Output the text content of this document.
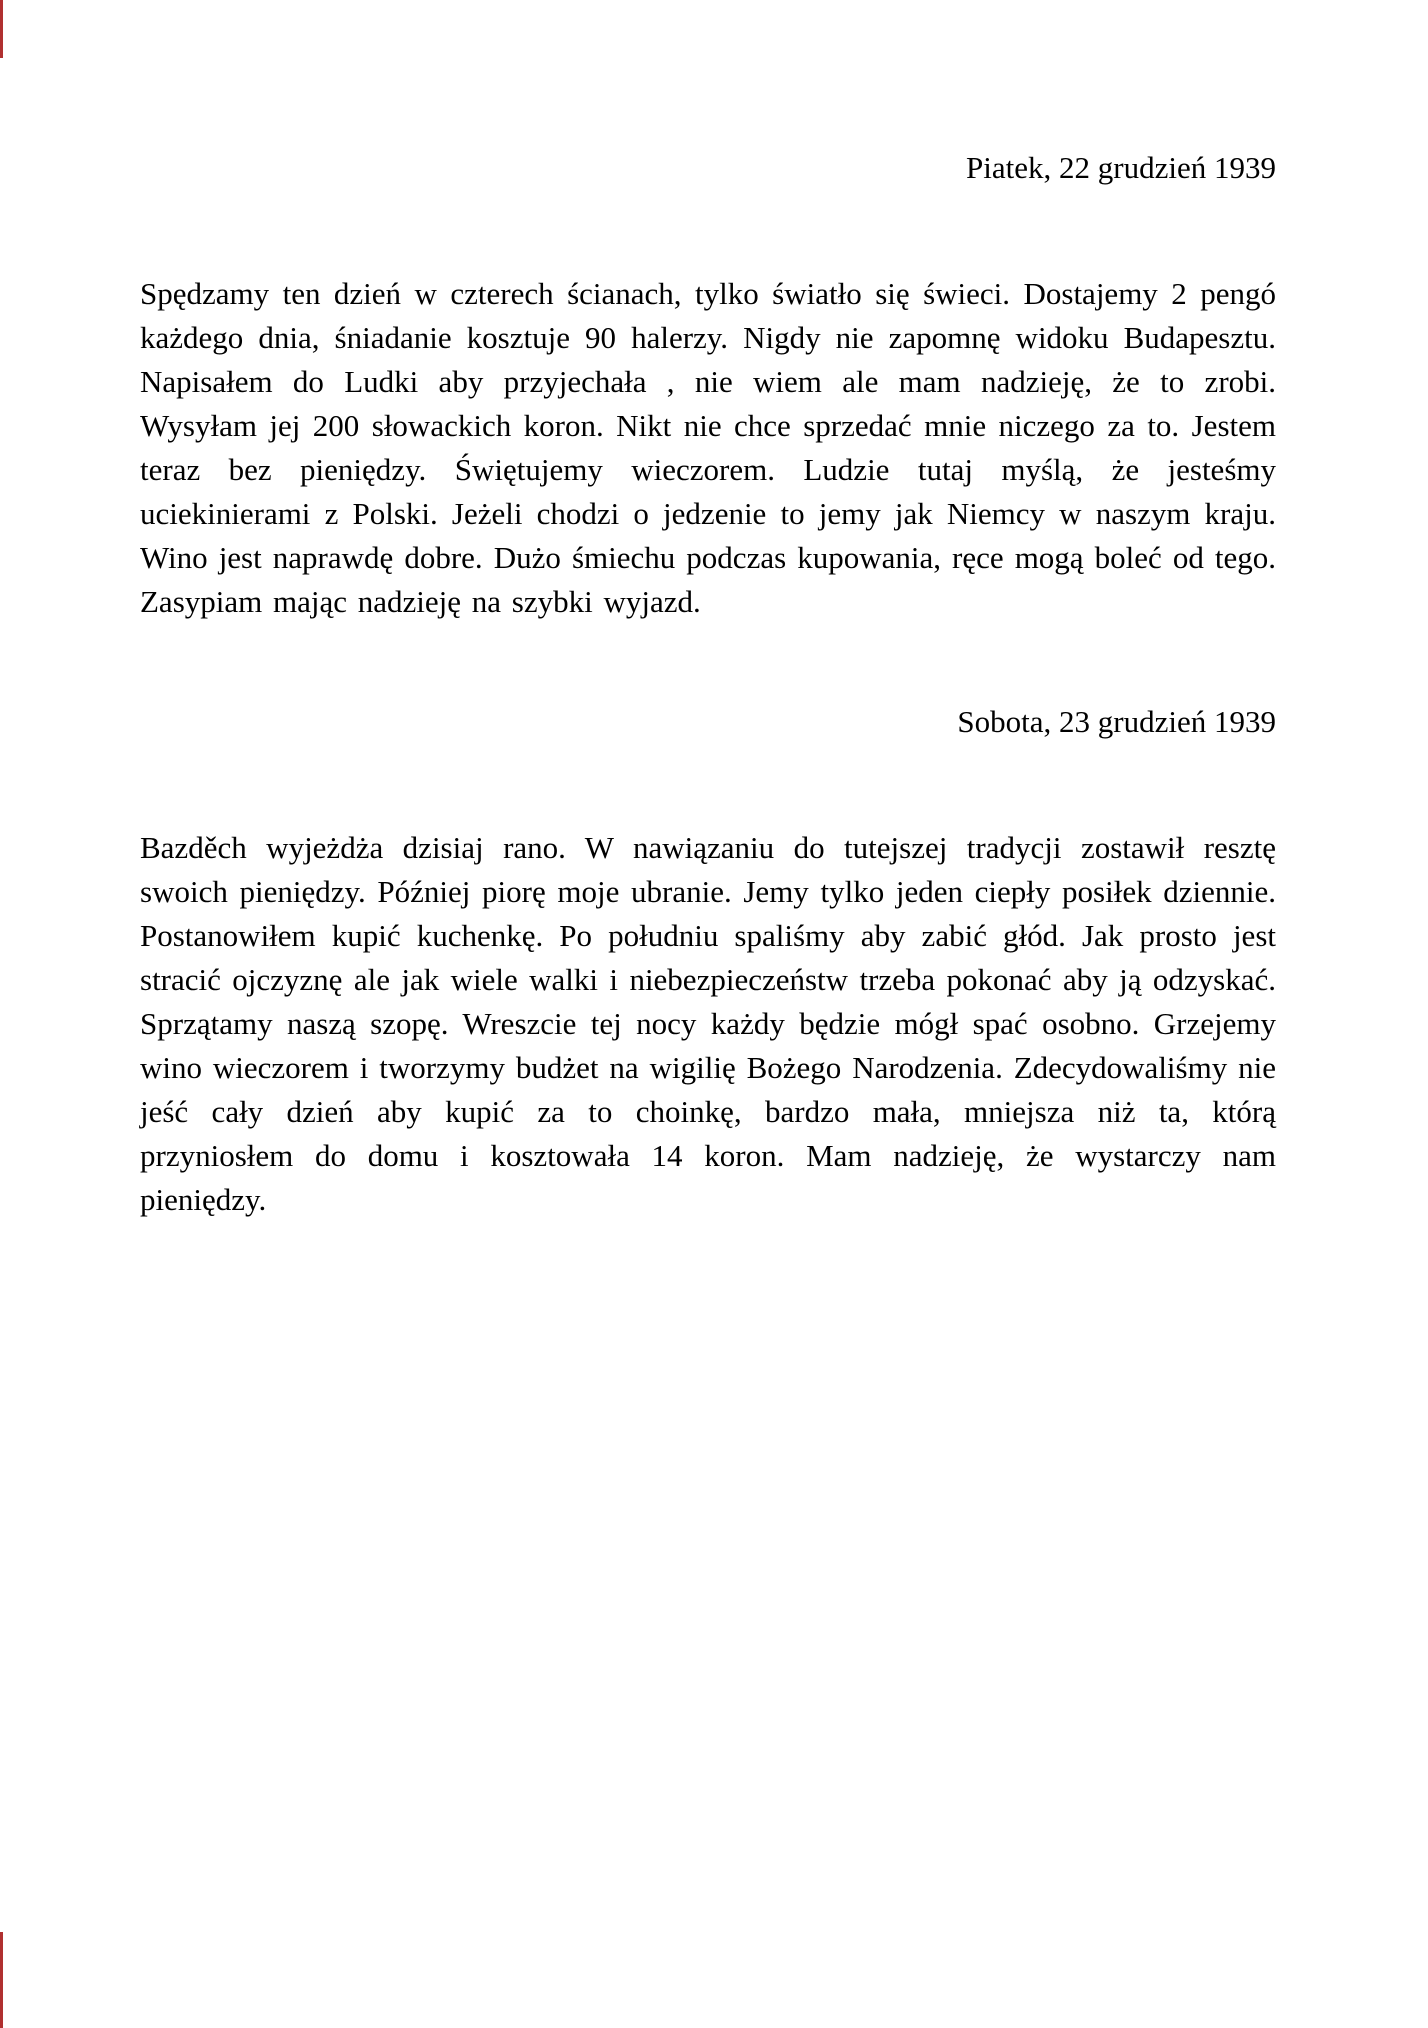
Piatek, 22 grudzień 1939

Spędzamy ten dzień w czterech ścianach, tylko światło się świeci. Dostajemy 2 pengó każdego dnia, śniadanie kosztuje 90 halerzy. Nigdy nie zapomnę widoku Budapesztu. Napisałem do Ludki aby przyjechała , nie wiem ale mam nadzieję, że to zrobi. Wysyłam jej 200 słowackich koron. Nikt nie chce sprzedać mnie niczego za to. Jestem teraz bez pieniędzy. Świętujemy wieczorem. Ludzie tutaj myślą, że jesteśmy uciekinierami z Polski. Jeżeli chodzi o jedzenie to jemy jak Niemcy w naszym kraju. Wino jest naprawdę dobre. Dużo śmiechu podczas kupowania, ręce mogą boleć od tego. Zasypiam mając nadzieję na szybki wyjazd.

Sobota, 23 grudzień 1939

Bazděch wyjeżdża dzisiaj rano. W nawiązaniu do tutejszej tradycji zostawił resztę swoich pieniędzy. Później piorę moje ubranie. Jemy tylko jeden ciepły posiłek dziennie. Postanowiłem kupić kuchenkę. Po południu spaliśmy aby zabić głód. Jak prosto jest stracić ojczyznę ale jak wiele walki i niebezpieczeństw trzeba pokonać aby ją odzyskać. Sprzątamy naszą szopę. Wreszcie tej nocy każdy będzie mógł spać osobno. Grzejemy wino wieczorem i tworzymy budżet na wigilię Bożego Narodzenia. Zdecydowaliśmy nie jeść cały dzień aby kupić za to choinkę, bardzo mała, mniejsza niż ta, którą przyniosłem do domu i kosztowała 14 koron. Mam nadzieję, że wystarczy nam pieniędzy.
